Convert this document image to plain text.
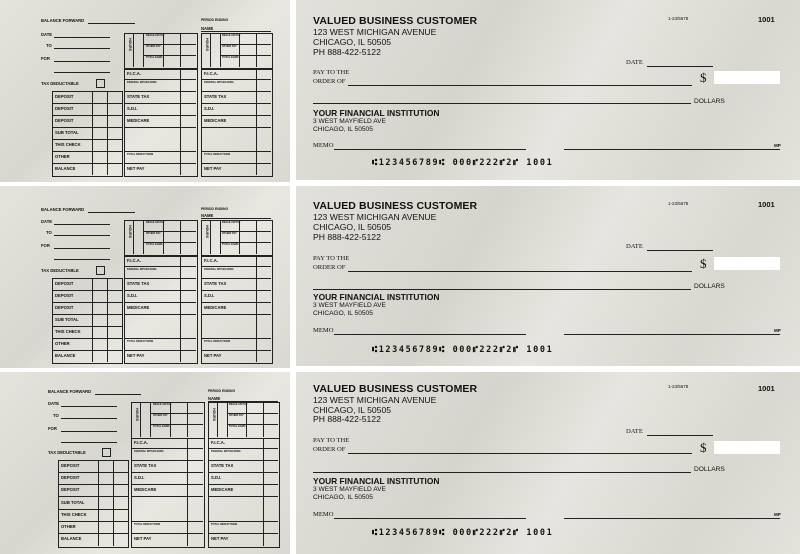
BALANCE FORWARD
DATE
TO
FOR
TAX DEDUCTABLE
DEPOSIT
DEPOSIT
DEPOSIT
SUB TOTAL
THIS CHECK
OTHER
BALANCE
PERIOD ENDING
NAME
HOURS
REGULAR PAY
OTHER PAY
TOTAL EARN
HOURS
REGULAR PAY
OTHER PAY
TOTAL EARN
F.I.C.A.
FEDERAL WITHOLDING
STATE TAX
S.D.I.
MEDICARE
TOTAL DEDUCTIONS
NET PAY
F.I.C.A.
FEDERAL WITHOLDING
STATE TAX
S.D.I.
MEDICARE
TOTAL DEDUCTIONS
NET PAY
BALANCE FORWARD
DATE
TO
FOR
TAX DEDUCTABLE
DEPOSIT
DEPOSIT
DEPOSIT
SUB TOTAL
THIS CHECK
OTHER
BALANCE
PERIOD ENDING
NAME
HOURS
REGULAR PAY
OTHER PAY
TOTAL EARN
HOURS
REGULAR PAY
OTHER PAY
TOTAL EARN
F.I.C.A.
FEDERAL WITHOLDING
STATE TAX
S.D.I.
MEDICARE
TOTAL DEDUCTIONS
NET PAY
F.I.C.A.
FEDERAL WITHOLDING
STATE TAX
S.D.I.
MEDICARE
TOTAL DEDUCTIONS
NET PAY
BALANCE FORWARD
DATE
TO
FOR
TAX DEDUCTABLE
DEPOSIT
DEPOSIT
DEPOSIT
SUB TOTAL
THIS CHECK
OTHER
BALANCE
PERIOD ENDING
NAME
HOURS
REGULAR PAY
OTHER PAY
TOTAL EARN
HOURS
REGULAR PAY
OTHER PAY
TOTAL EARN
F.I.C.A.
FEDERAL WITHOLDING
STATE TAX
S.D.I.
MEDICARE
TOTAL DEDUCTIONS
NET PAY
F.I.C.A.
FEDERAL WITHOLDING
STATE TAX
S.D.I.
MEDICARE
TOTAL DEDUCTIONS
NET PAY
VALUED BUSINESS CUSTOMER
123 WEST MICHIGAN AVENUE
CHICAGO, IL 50505
PH 888-422-5122
1-23/5678	1001
DATE
PAY TO THE
ORDER OF	$
DOLLARS
YOUR FINANCIAL INSTITUTION
3 WEST MAYFIELD AVE
CHICAGO, IL 50505
MEMO	MP
⑆123456789⑆ 000⑈222⑈2⑈ 1001
VALUED BUSINESS CUSTOMER
123 WEST MICHIGAN AVENUE
CHICAGO, IL 50505
PH 888-422-5122
1-23/5678	1001
DATE
PAY TO THE
ORDER OF	$
DOLLARS
YOUR FINANCIAL INSTITUTION
3 WEST MAYFIELD AVE
CHICAGO, IL 50505
MEMO	MP
⑆123456789⑆ 000⑈222⑈2⑈ 1001
VALUED BUSINESS CUSTOMER
123 WEST MICHIGAN AVENUE
CHICAGO, IL 50505
PH 888-422-5122
1-23/5678	1001
DATE
PAY TO THE
ORDER OF	$
DOLLARS
YOUR FINANCIAL INSTITUTION
3 WEST MAYFIELD AVE
CHICAGO, IL 50505
MEMO	MP
⑆123456789⑆ 000⑈222⑈2⑈ 1001
